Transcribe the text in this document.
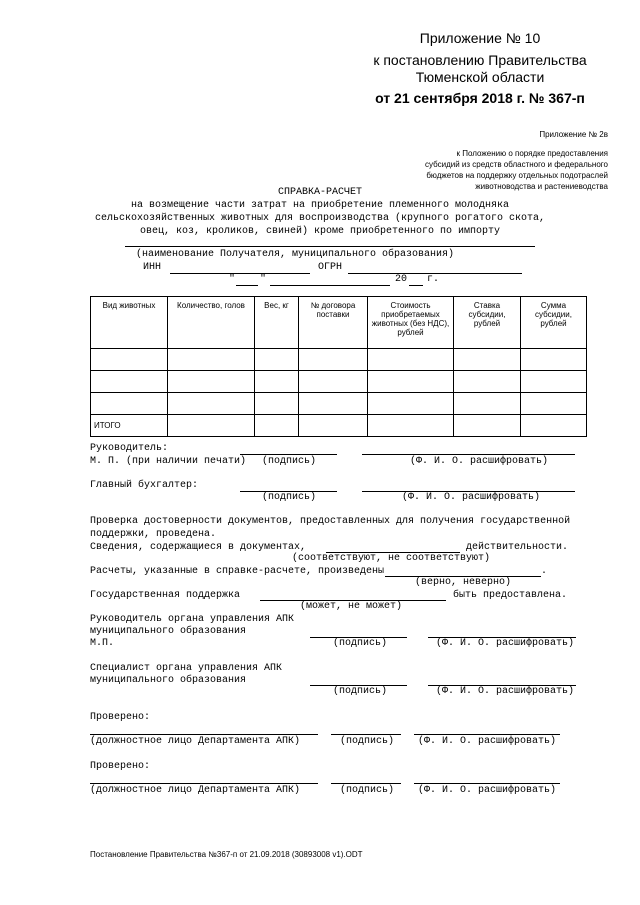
Приложение № 10
к постановлению Правительства
Тюменской области
от 21 сентября 2018 г. № 367-п
Приложение № 2в
к Положению о порядке предоставления
субсидий из средств областного и федерального
бюджетов на поддержку отдельных подотраслей
животноводства и растениеводства
СПРАВКА-РАСЧЕТ
на возмещение части затрат на приобретение племенного молодняка
сельскохозяйственных животных для воспроизводства (крупного рогатого скота,
овец, коз, кроликов, свиней) кроме приобретенного по импорту
(наименование Получателя, муниципального образования)
ИНН	ОГРН
" "	20 г.
Вид животных	Количество, голов	Вес, кг	№ договора поставки	Стоимость приобретаемых животных (без НДС), рублей	Ставка субсидии, рублей	Сумма субсидии, рублей

ИТОГО						
Руководитель:
М. П. (при наличии печати) (подпись)	(Ф. И. О. расшифровать)
Главный бухгалтер:
(подпись)	(Ф. И. О. расшифровать)
Проверка достоверности документов, предоставленных для получения государственной
поддержки, проведена.
Сведения, содержащиеся в документах,	действительности.
(соответствуют, не соответствуют)
Расчеты, указанные в справке-расчете, произведены	.
(верно, неверно)
Государственная поддержка	быть предоставлена.
(может, не может)
Руководитель органа управления АПК
муниципального образования
М.П.	(подпись)	(Ф. И. О. расшифровать)
Специалист органа управления АПК
муниципального образования
(подпись)	(Ф. И. О. расшифровать)
Проверено:
(должностное лицо Департамента АПК)	(подпись) (Ф. И. О. расшифровать)
Проверено:
(должностное лицо Департамента АПК)	(подпись) (Ф. И. О. расшифровать)
Постановление Правительства №367-п от 21.09.2018 (30893008 v1).ODT
